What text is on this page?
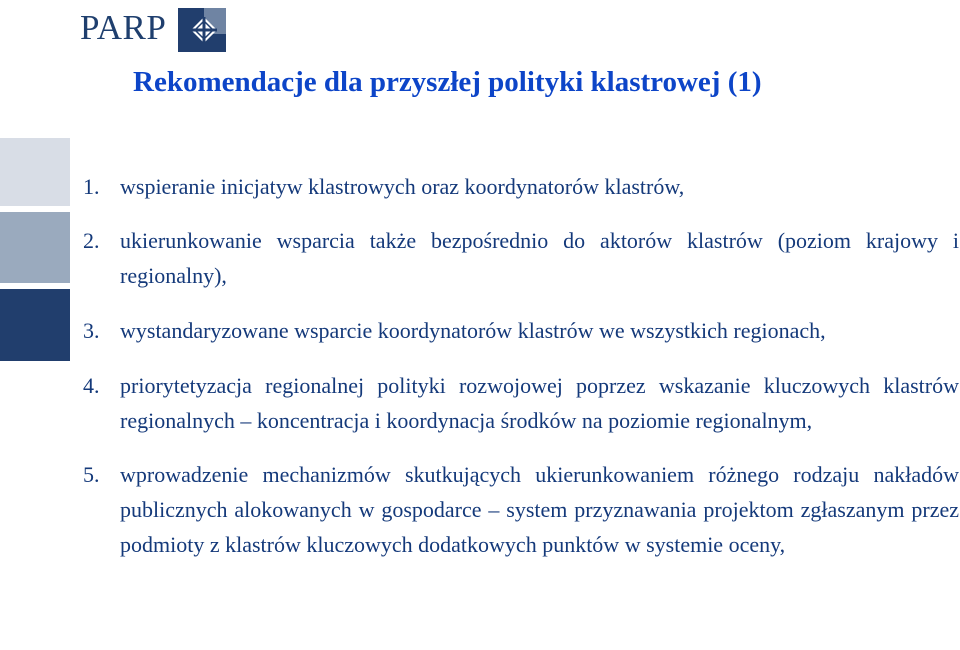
PARP
Rekomendacje dla przyszłej polityki klastrowej (1)

1. wspieranie inicjatyw klastrowych oraz koordynatorów klastrów,

2. ukierunkowanie wsparcia także bezpośrednio do aktorów klastrów (poziom krajowy i regionalny),

3. wystandaryzowane wsparcie koordynatorów klastrów we wszystkich regionach,

4. priorytetyzacja regionalnej polityki rozwojowej poprzez wskazanie kluczowych klastrów regionalnych – koncentracja i koordynacja środków na poziomie regionalnym,

5. wprowadzenie mechanizmów skutkujących ukierunkowaniem różnego rodzaju nakładów publicznych alokowanych w gospodarce – system przyznawania projektom zgłaszanym przez podmioty z klastrów kluczowych dodatkowych punktów w systemie oceny,
